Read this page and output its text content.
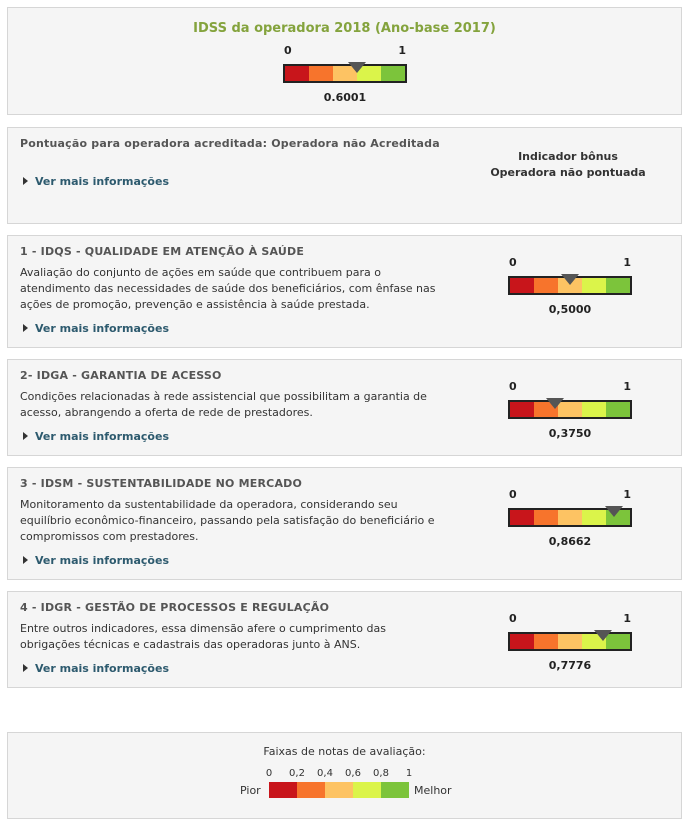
IDSS da operadora 2018 (Ano-base 2017)
0	1
0.6001
Pontuação para operadora acreditada: Operadora não Acreditada
Ver mais informações
Indicador bônus
Operadora não pontuada
1 - IDQS - QUALIDADE EM ATENÇÃO À SAÚDE
Avaliação do conjunto de ações em saúde que contribuem para o atendimento das necessidades de saúde dos beneficiários, com ênfase nas ações de promoção, prevenção e assistência à saúde prestada.
Ver mais informações
0	1
0,5000
2- IDGA - GARANTIA DE ACESSO
Condições relacionadas à rede assistencial que possibilitam a garantia de acesso, abrangendo a oferta de rede de prestadores.
Ver mais informações
0	1
0,3750
3 - IDSM - SUSTENTABILIDADE NO MERCADO
Monitoramento da sustentabilidade da operadora, considerando seu equilíbrio econômico-financeiro, passando pela satisfação do beneficiário e compromissos com prestadores.
Ver mais informações
0	1
0,8662
4 - IDGR - GESTÃO DE PROCESSOS E REGULAÇÃO
Entre outros indicadores, essa dimensão afere o cumprimento das obrigações técnicas e cadastrais das operadoras junto à ANS.
Ver mais informações
0	1
0,7776
Faixas de notas de avaliação:
0 0,2 0,4 0,6 0,8 1
Pior	Melhor
